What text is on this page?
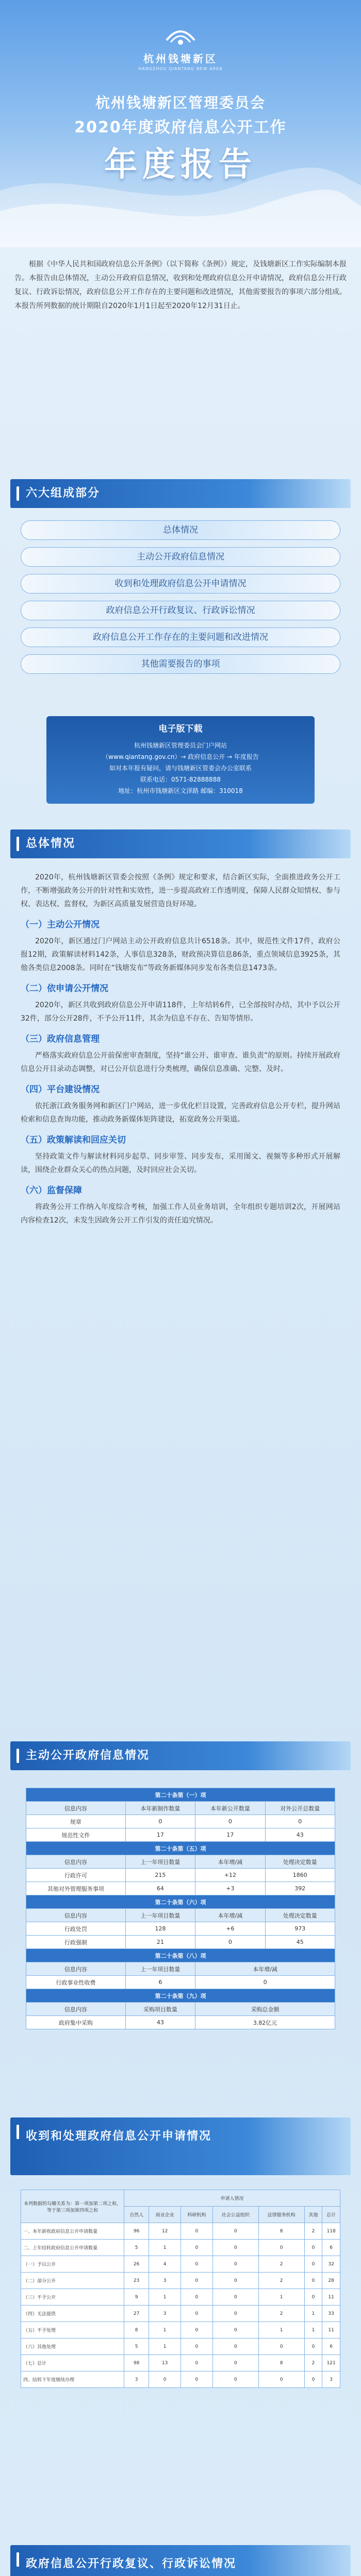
杭州钱塘新区
HANGZHOU QIANTANG NEW AREA
杭州钱塘新区管理委员会
2020年度政府信息公开工作
年度报告
根据《中华人民共和国政府信息公开条例》（以下简称《条例》）规定，及钱塘新区工作实际编制本报告。本报告由总体情况，主动公开政府信息情况，收到和处理政府信息公开申请情况，政府信息公开行政复议、行政诉讼情况，政府信息公开工作存在的主要问题和改进情况，其他需要报告的事项六部分组成。本报告所列数据的统计期限自2020年1月1日起至2020年12月31日止。
六大组成部分
总体情况
主动公开政府信息情况
收到和处理政府信息公开申请情况
政府信息公开行政复议、行政诉讼情况
政府信息公开工作存在的主要问题和改进情况
其他需要报告的事项
电子版下载
杭州钱塘新区管理委员会门户网站
（www.qiantang.gov.cn）→ 政府信息公开 → 年度报告
如对本年报有疑问，请与钱塘新区管委会办公室联系
联系电话：0571-82888888
地址：杭州市钱塘新区文泽路 邮编：310018
总体情况

2020年，杭州钱塘新区管委会按照《条例》规定和要求，结合新区实际，全面推进政务公开工作，不断增强政务公开的针对性和实效性，进一步提高政府工作透明度，保障人民群众知情权、参与权、表达权、监督权，为新区高质量发展营造良好环境。

（一）主动公开情况

2020年，新区通过门户网站主动公开政府信息共计6518条。其中，规范性文件17件，政府公报12期，政策解读材料142条，人事信息328条，财政预决算信息86条，重点领域信息3925条，其他各类信息2008条。同时在“钱塘发布”等政务新媒体同步发布各类信息1473条。

（二）依申请公开情况

2020年，新区共收到政府信息公开申请118件，上年结转6件，已全部按时办结，其中予以公开32件，部分公开28件，不予公开11件，其余为信息不存在、告知等情形。

（三）政府信息管理

严格落实政府信息公开前保密审查制度，坚持“谁公开、谁审查、谁负责”的原则。持续开展政府信息公开目录动态调整，对已公开信息进行分类梳理，确保信息准确、完整、及时。

（四）平台建设情况

依托浙江政务服务网和新区门户网站，进一步优化栏目设置，完善政府信息公开专栏，提升网站检索和信息查询功能，推动政务新媒体矩阵建设，拓宽政务公开渠道。

（五）政策解读和回应关切

坚持政策文件与解读材料同步起草、同步审签、同步发布，采用图文、视频等多种形式开展解读，围绕企业群众关心的热点问题，及时回应社会关切。

（六）监督保障

将政务公开工作纳入年度综合考核，加强工作人员业务培训，全年组织专题培训2次，开展网站内容检查12次，未发生因政务公开工作引发的责任追究情况。

主动公开政府信息情况
第二十条第（一）项			
信息内容	本年新制作数量	本年新公开数量	对外公开总数量
规章	0	0	0
规范性文件	17	17	43
第二十条第（五）项			
信息内容	上一年项目数量	本年增/减	处理决定数量
行政许可	215	+12	1860
其他对外管理服务事项	64	+3	392
第二十条第（六）项			
信息内容	上一年项目数量	本年增/减	处理决定数量
行政处罚	128	+6	973
行政强制	21	0	45
第二十条第（八）项			
信息内容	上一年项目数量	本年增/减	
行政事业性收费	6	0	
第二十条第（九）项			
信息内容	采购项目数量	采购总金额	
政府集中采购	43	3.82亿元	
收到和处理政府信息公开申请情况
本列数据的勾稽关系为：第一项加第二项之和，等于第三项加第四项之和	申请人情况						
	自然人	商业企业	科研机构	社会公益组织	法律服务机构	其他	总计
一、本年新收政府信息公开申请数量	96	12	0	0	8	2	118
二、上年结转政府信息公开申请数量	5	1	0	0	0	0	6
（一）予以公开	26	4	0	0	2	0	32
（二）部分公开	23	3	0	0	2	0	28
（三）不予公开	9	1	0	0	1	0	11
（四）无法提供	27	3	0	0	2	1	33
（五）不予处理	8	1	0	0	1	1	11
（六）其他处理	5	1	0	0	0	0	6
（七）总计	98	13	0	0	8	2	121
四、结转下年度继续办理	3	0	0	0	0	0	3
政府信息公开行政复议、行政诉讼情况
